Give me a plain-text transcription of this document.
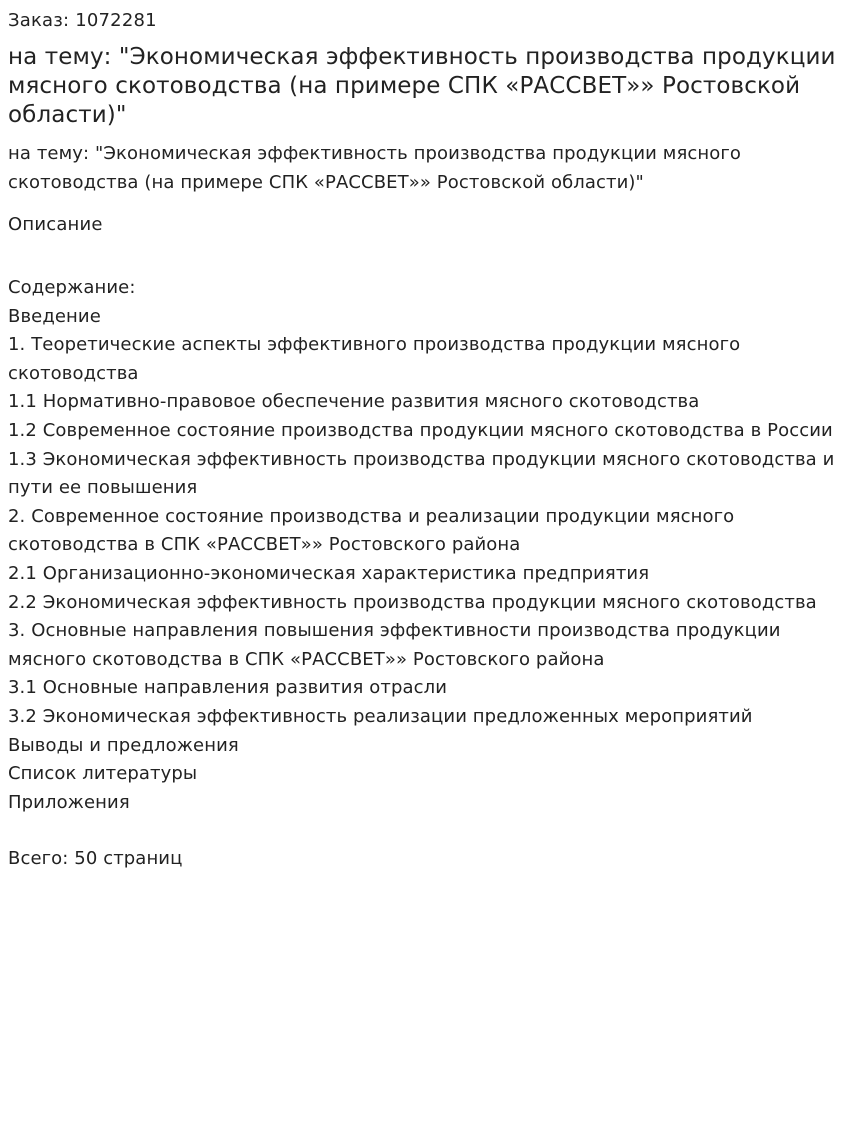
Заказ: 1072281

на тему: "Экономическая эффективность производства продукции мясного скотоводства (на примере СПК «РАССВЕТ»» Ростовской области)"

на тему: "Экономическая эффективность производства продукции мясного скотоводства (на примере СПК «РАССВЕТ»» Ростовской области)"

Описание

Содержание:
Введение
1. Теоретические аспекты эффективного производства продукции мясного скотоводства
1.1 Нормативно-правовое обеспечение развития мясного скотоводства
1.2 Современное состояние производства продукции мясного скотоводства в России
1.3 Экономическая эффективность производства продукции мясного скотоводства и пути ее повышения
2. Современное состояние производства и реализации продукции мясного скотоводства в СПК «РАССВЕТ»» Ростовского района
2.1 Организационно-экономическая характеристика предприятия
2.2 Экономическая эффективность производства продукции мясного скотоводства
3. Основные направления повышения эффективности производства продукции мясного скотоводства в СПК «РАССВЕТ»» Ростовского района
3.1 Основные направления развития отрасли
3.2 Экономическая эффективность реализации предложенных мероприятий
Выводы и предложения
Список литературы
Приложения

Всего: 50 страниц
